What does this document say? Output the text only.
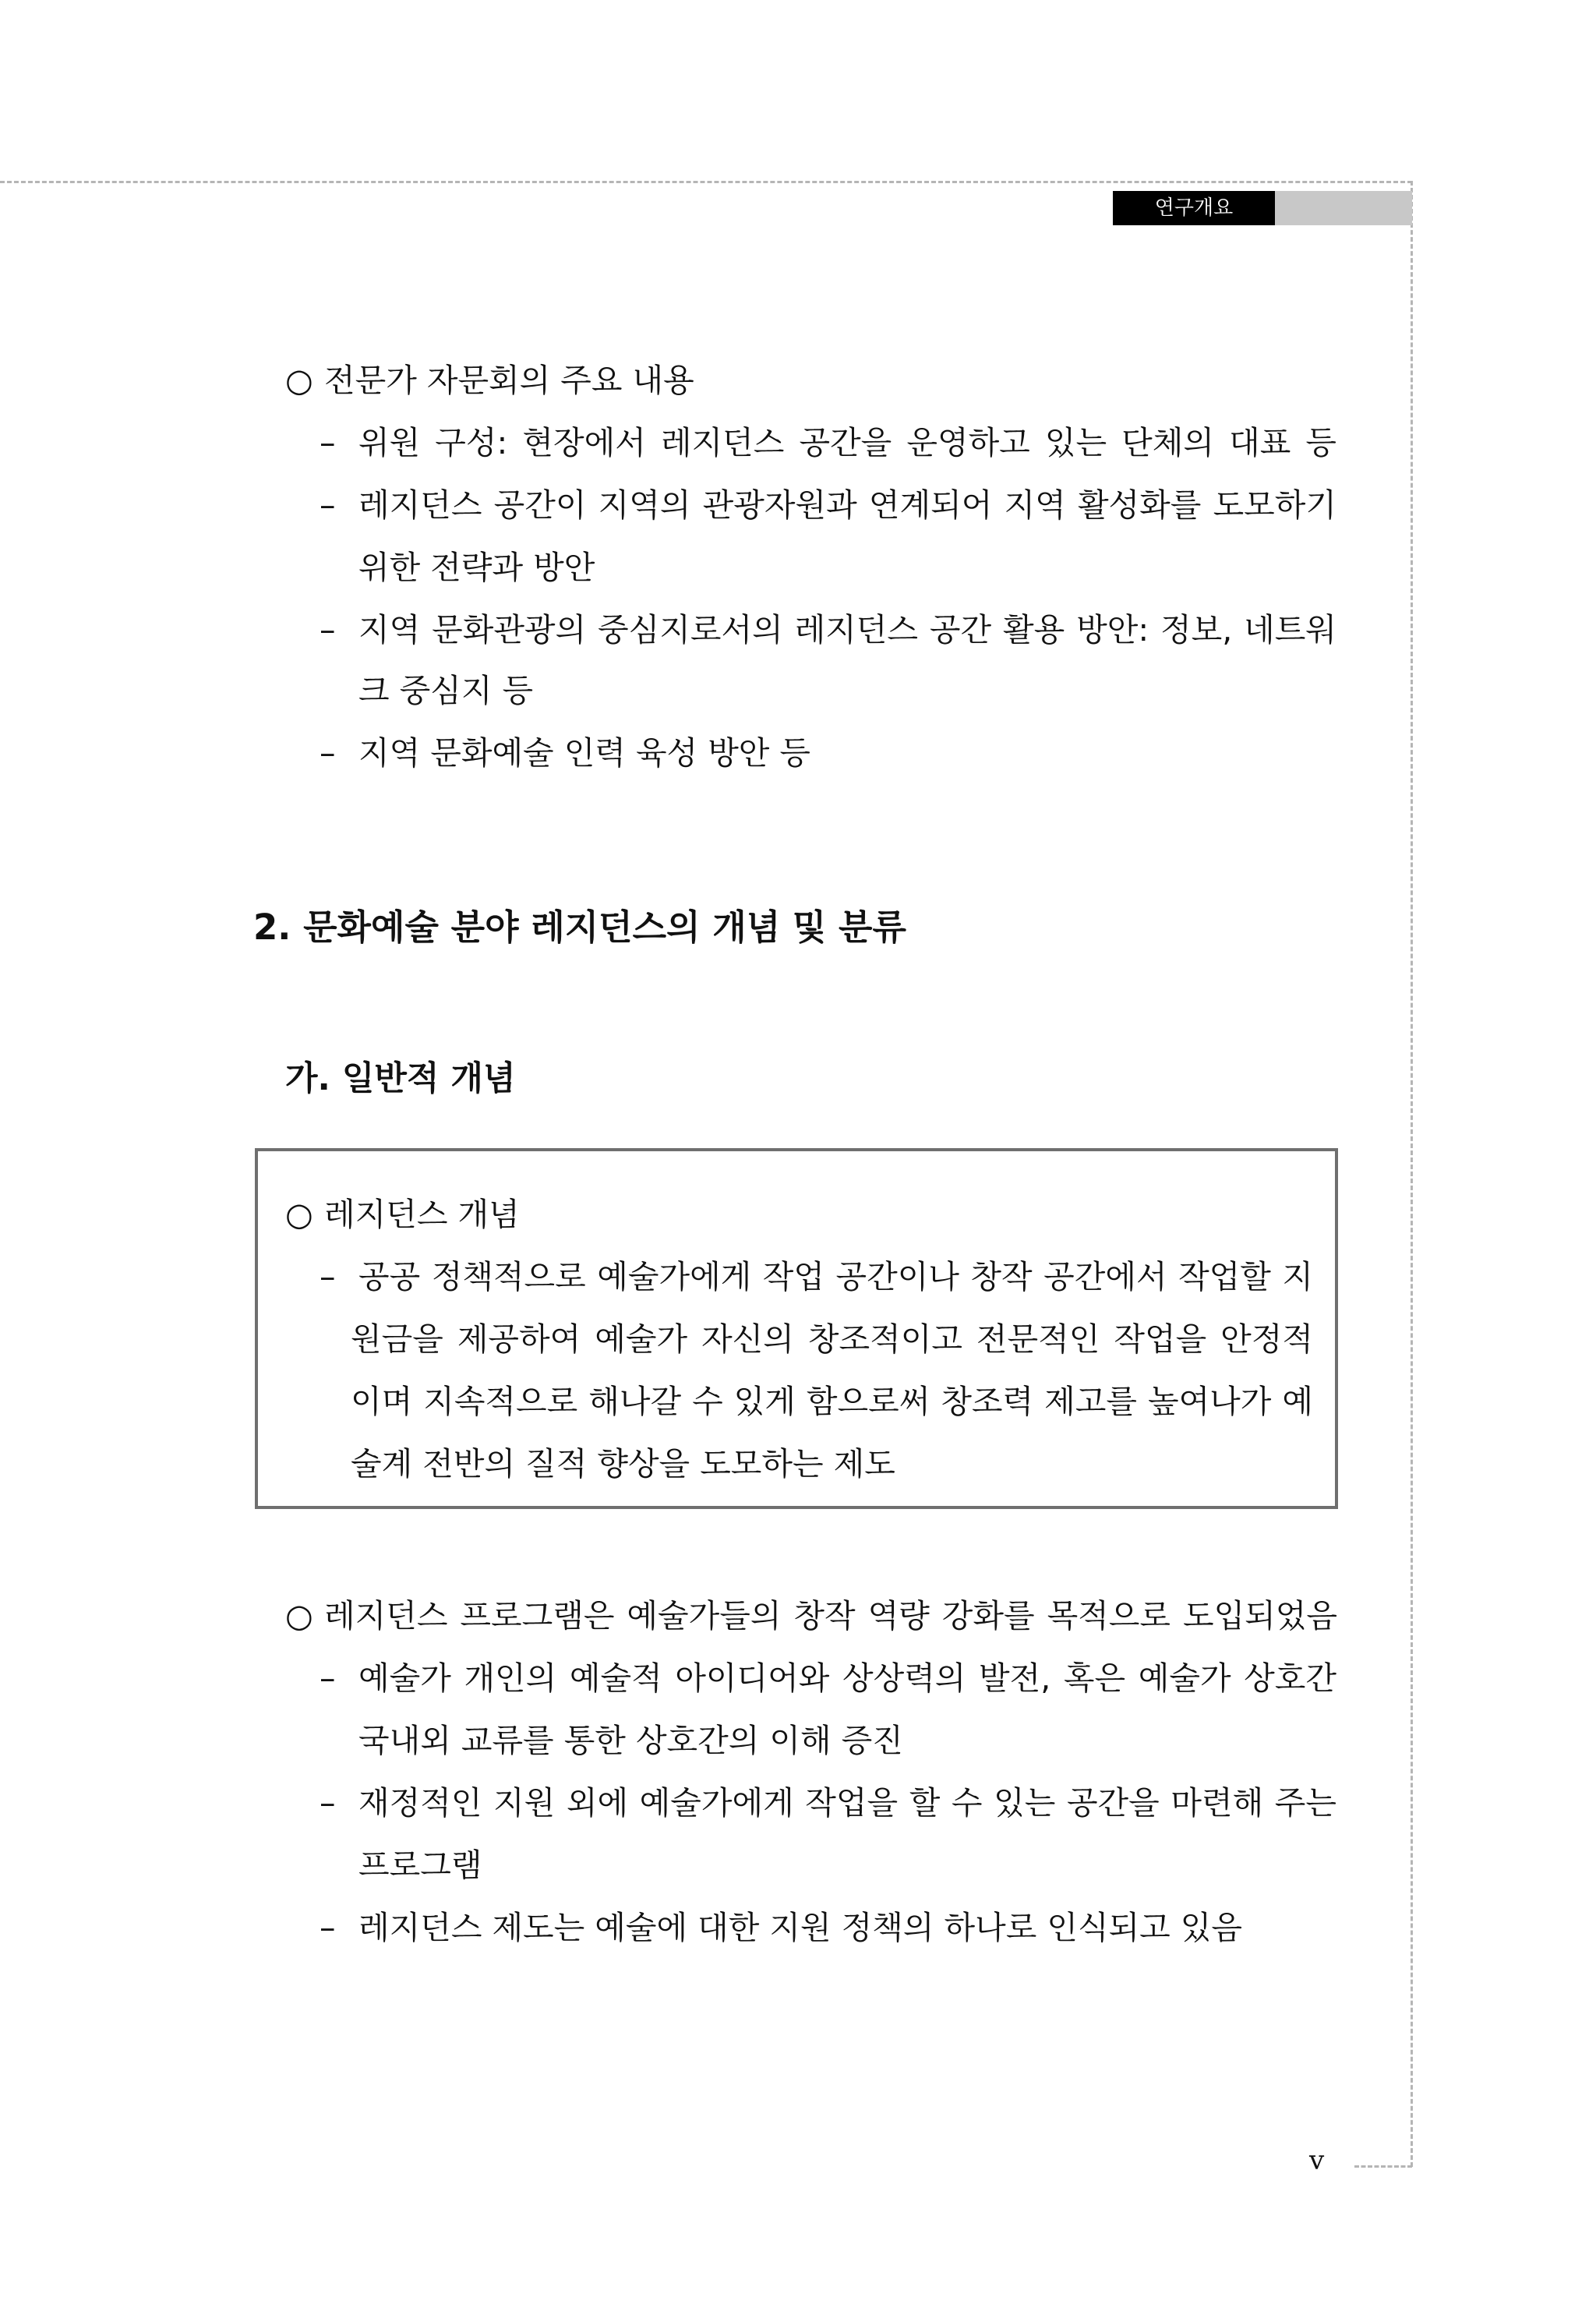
연구개요
○ 전문가 자문회의 주요 내용
– 위원 구성: 현장에서 레지던스 공간을 운영하고 있는 단체의 대표 등
– 레지던스 공간이 지역의 관광자원과 연계되어 지역 활성화를 도모하기
위한 전략과 방안
– 지역 문화관광의 중심지로서의 레지던스 공간 활용 방안: 정보, 네트워
크 중심지 등
– 지역 문화예술 인력 육성 방안 등
2. 문화예술 분야 레지던스의 개념 및 분류
가. 일반적 개념
○ 레지던스 개념
– 공공 정책적으로 예술가에게 작업 공간이나 창작 공간에서 작업할 지
원금을 제공하여 예술가 자신의 창조적이고 전문적인 작업을 안정적
이며 지속적으로 해나갈 수 있게 함으로써 창조력 제고를 높여나가 예
술계 전반의 질적 향상을 도모하는 제도
○ 레지던스 프로그램은 예술가들의 창작 역량 강화를 목적으로 도입되었음
– 예술가 개인의 예술적 아이디어와 상상력의 발전, 혹은 예술가 상호간
국내외 교류를 통한 상호간의 이해 증진
– 재정적인 지원 외에 예술가에게 작업을 할 수 있는 공간을 마련해 주는
프로그램
– 레지던스 제도는 예술에 대한 지원 정책의 하나로 인식되고 있음
v
